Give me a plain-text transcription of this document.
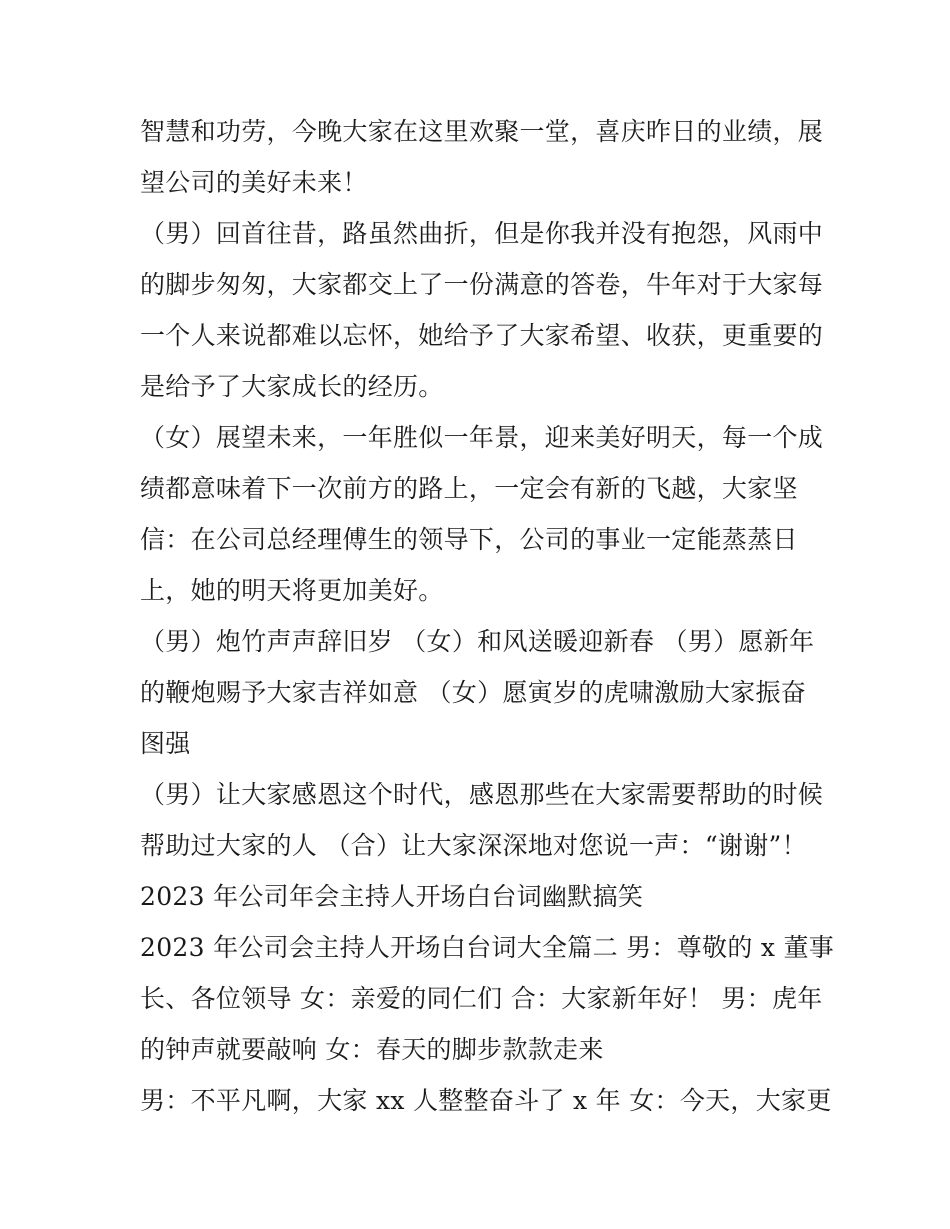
智慧和功劳，今晚大家在这里欢聚一堂，喜庆昨日的业绩，展
望公司的美好未来！
（男）回首往昔，路虽然曲折，但是你我并没有抱怨，风雨中
的脚步匆匆，大家都交上了一份满意的答卷，牛年对于大家每
一个人来说都难以忘怀，她给予了大家希望、收获，更重要的
是给予了大家成长的经历。
（女）展望未来，一年胜似一年景，迎来美好明天，每一个成
绩都意味着下一次前方的路上，一定会有新的飞越，大家坚
信：在公司总经理傅生的领导下，公司的事业一定能蒸蒸日
上，她的明天将更加美好。
（男）炮竹声声辞旧岁 （女）和风送暖迎新春 （男）愿新年
的鞭炮赐予大家吉祥如意 （女）愿寅岁的虎啸激励大家振奋
图强
（男）让大家感恩这个时代，感恩那些在大家需要帮助的时候
帮助过大家的人 （合）让大家深深地对您说一声：“谢谢”！
2023 年公司年会主持人开场白台词幽默搞笑
2023 年公司会主持人开场白台词大全篇二 男：尊敬的 x 董事
长、各位领导 女：亲爱的同仁们 合：大家新年好！ 男：虎年
的钟声就要敲响 女：春天的脚步款款走来
男：不平凡啊，大家 xx 人整整奋斗了 x 年 女：今天，大家更
